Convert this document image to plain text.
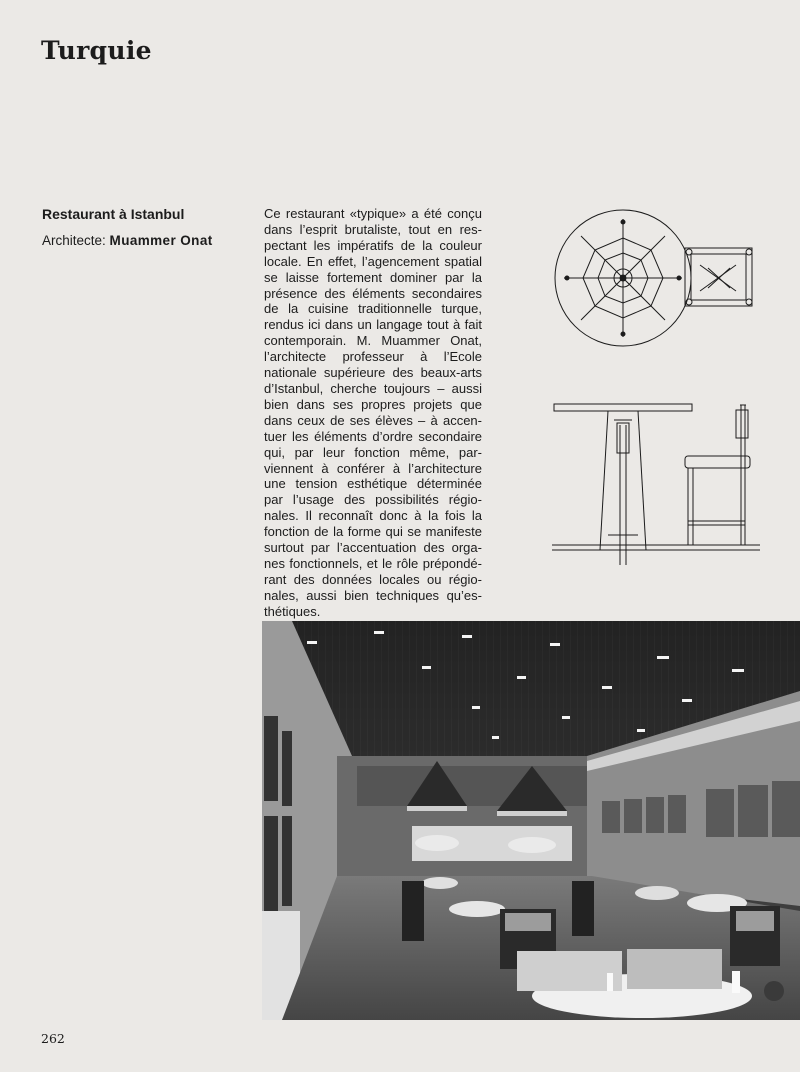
Turquie
Restaurant à Istanbul
Architecte: Muammer Onat

Ce restaurant «typique» a été conçu dans l’esprit brutaliste, tout en respectant les impératifs de la couleur locale. En effet, l’agencement spatial se laisse fortement dominer par la présence des éléments secondaires de la cuisine traditionnelle turque, rendus ici dans un langage tout à fait contemporain. M. Muammer Onat, l’architecte professeur à l’Ecole nationale supérieure des beaux-arts d’Istanbul, cherche toujours – aussi bien dans ses propres projets que dans ceux de ses élèves – à accentuer les éléments d’ordre secondaire qui, par leur fonction même, parviennent à conférer à l’architecture une tension esthétique déterminée par l’usage des possibilités régionales. Il reconnaît donc à la fois la fonction de la forme qui se manifeste surtout par l’accentuation des organes fonctionnels, et le rôle prépondérant des données locales ou régionales, aussi bien techniques qu’esthétiques.

262
